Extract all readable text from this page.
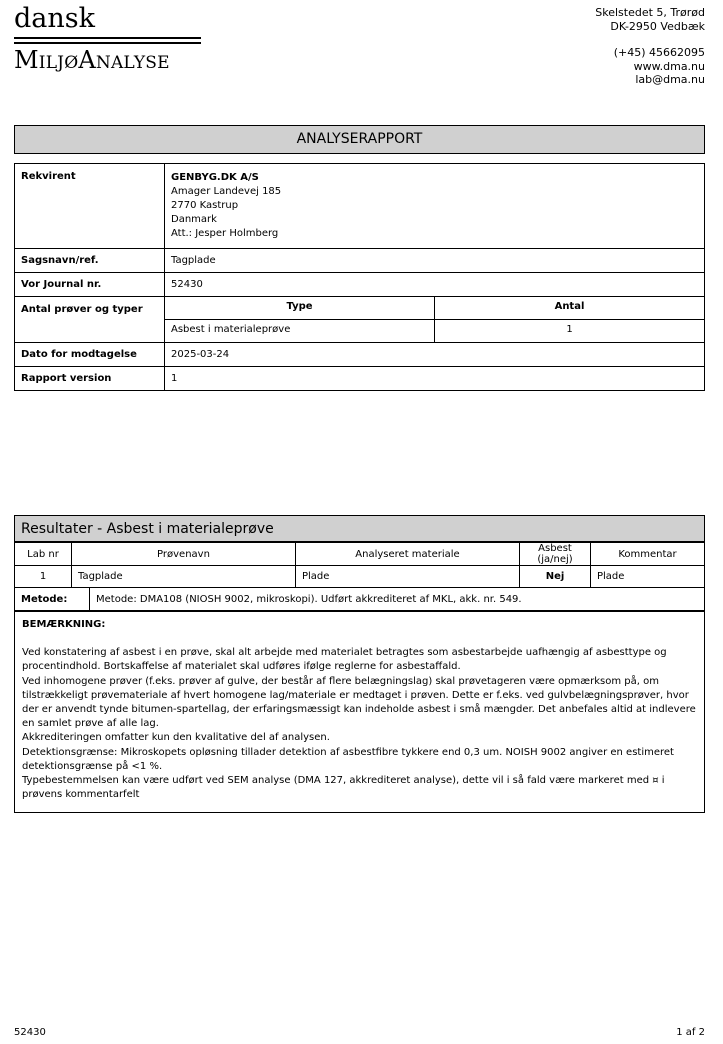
dansk
MiljøAnalyse
Skelstedet 5, Trørød
DK-2950 Vedbæk
(+45) 45662095
www.dma.nu
lab@dma.nu
ANALYSERAPPORT
Rekvirent	GENBYG.DK A/S
Amager Landevej 185
2770 Kastrup
Danmark
Att.: Jesper Holmberg

Sagsnavn/ref.	Tagplade
Vor Journal nr.	52430
Antal prøver og typer		Type	Antal
Asbest i materialeprøve	1

Dato for modtagelse	2025-03-24
Rapport version	1
Resultater - Asbest i materialeprøve
Lab nr	Prøvenavn	Analyseret materiale	Asbest (ja/nej)	Kommentar
1	Tagplade	Plade	Nej	Plade
Metode:	Metode: DMA108 (NIOSH 9002, mikroskopi). Udført akkrediteret af MKL, akk. nr. 549.
BEMÆRKNING:

Ved konstatering af asbest i en prøve, skal alt arbejde med materialet betragtes som asbestarbejde uafhængig af asbesttype og procentindhold. Bortskaffelse af materialet skal udføres ifølge reglerne for asbestaffald.

Ved inhomogene prøver (f.eks. prøver af gulve, der består af flere belægningslag) skal prøvetageren være opmærksom på, om tilstrækkeligt prøvemateriale af hvert homogene lag/materiale er medtaget i prøven. Dette er f.eks. ved gulvbelægningsprøver, hvor der er anvendt tynde bitumen-spartellag, der erfaringsmæssigt kan indeholde asbest i små mængder. Det anbefales altid at indlevere en samlet prøve af alle lag.

Akkrediteringen omfatter kun den kvalitative del af analysen.

Detektionsgrænse: Mikroskopets opløsning tillader detektion af asbestfibre tykkere end 0,3 um. NOISH 9002 angiver en estimeret detektionsgrænse på <1 %.

Typebestemmelsen kan være udført ved SEM analyse (DMA 127, akkrediteret analyse), dette vil i så fald være markeret med ¤ i prøvens kommentarfelt

52430	1 af 2
